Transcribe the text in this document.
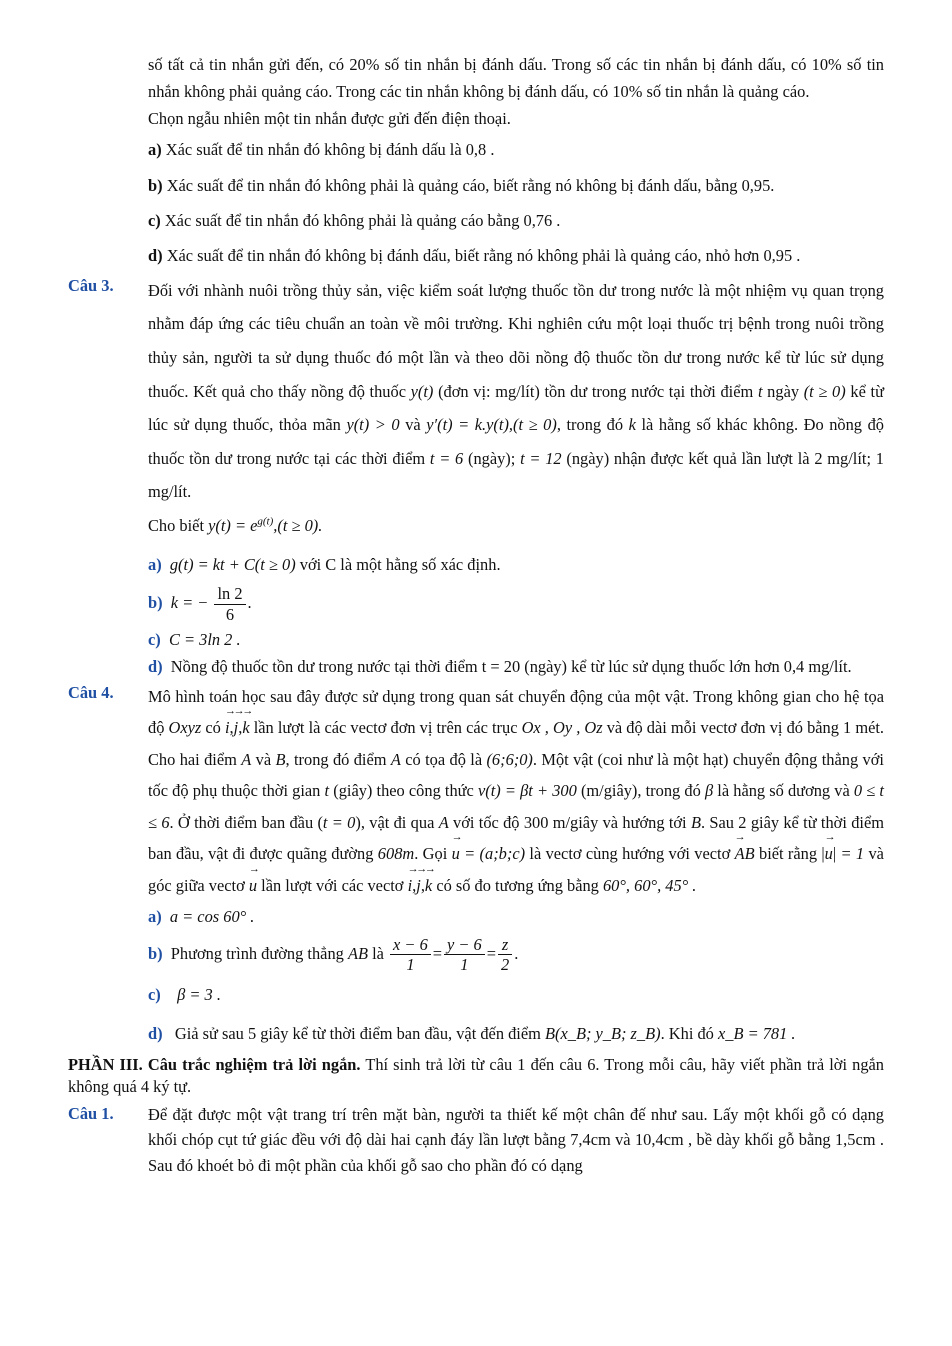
số tất cả tin nhắn gửi đến, có 20% số tin nhắn bị đánh dấu. Trong số các tin nhắn bị đánh dấu, có 10% số tin nhắn không phải quảng cáo. Trong các tin nhắn không bị đánh dấu, có 10% số tin nhắn là quảng cáo.

Chọn ngẫu nhiên một tin nhắn được gửi đến điện thoại.

a) Xác suất để tin nhắn đó không bị đánh dấu là 0,8 .
b) Xác suất để tin nhắn đó không phải là quảng cáo, biết rằng nó không bị đánh dấu, bằng 0,95.
c) Xác suất để tin nhắn đó không phải là quảng cáo bằng 0,76 .
d) Xác suất để tin nhắn đó không bị đánh dấu, biết rằng nó không phải là quảng cáo, nhỏ hơn 0,95 .
Câu 3. Đối với nhành nuôi trồng thủy sản, việc kiểm soát lượng thuốc tồn dư trong nước là một nhiệm vụ quan trọng nhằm đáp ứng các tiêu chuẩn an toàn về môi trường. Khi nghiên cứu một loại thuốc trị bệnh trong nuôi trồng thủy sản, người ta sử dụng thuốc đó một lần và theo dõi nồng độ thuốc tồn dư trong nước kể từ lúc sử dụng thuốc. Kết quả cho thấy nồng độ thuốc y(t) (đơn vị: mg/lít) tồn dư trong nước tại thời điểm t ngày (t ≥ 0) kể từ lúc sử dụng thuốc, thỏa mãn y(t) > 0 và y′(t) = k.y(t),(t ≥ 0), trong đó k là hằng số khác không. Đo nồng độ thuốc tồn dư trong nước tại các thời điểm t = 6 (ngày); t = 12 (ngày) nhận được kết quả lần lượt là 2 mg/lít; 1 mg/lít.
Cho biết $y(t) = e^{g(t)},(t \ge 0)$.
a) g(t) = kt + C(t ≥ 0) với C là một hằng số xác định.
b) k = − $\frac{\ln 2}{6}$ .
c) C = 3ln 2 .
d) Nồng độ thuốc tồn dư trong nước tại thời điểm t = 20 (ngày) kể từ lúc sử dụng thuốc lớn hơn 0,4 mg/lít.
Câu 4. Mô hình toán học sau đây được sử dụng trong quan sát chuyển động của một vật. Trong không gian cho hệ tọa độ Oxyz có → i,→ j,→ k lần lượt là các vectơ đơn vị trên các trục Ox , Oy , Oz và độ dài mỗi vectơ đơn vị đó bằng 1 mét. Cho hai điểm A và B, trong đó điểm A có tọa độ là (6;6;0). Một vật (coi như là một hạt) chuyển động thẳng với tốc độ phụ thuộc thời gian t (giây) theo công thức v(t) = βt + 300 (m/giây), trong đó β là hằng số dương và 0 ≤ t ≤ 6. Ở thời điểm ban đầu (t = 0), vật đi qua A với tốc độ 300 m/giây và hướng tới B. Sau 2 giây kể từ thời điểm ban đầu, vật đi được quãng đường 608m. Gọi → u = (a;b;c) là vectơ cùng hướng với vectơ → AB biết rằng |→ u| = 1 và góc giữa vectơ → u lần lượt với các vectơ → i,→ j,→ k có số đo tương ứng bằng 60°, 60°, 45° .
a) a = cos 60° .
b) Phương trình đường thẳng AB là $\frac{x - 6}{1} = \frac{y - 6}{1} = \frac{z}{2}$ .
c) β = 3 .
d) Giả sử sau 5 giây kể từ thời điểm ban đầu, vật đến điểm B(x_B; y_B; z_B). Khi đó x_B = 781 .
PHẦN III. Câu trắc nghiệm trả lời ngắn. Thí sinh trả lời từ câu 1 đến câu 6. Trong mỗi câu, hãy viết phần trả lời ngắn không quá 4 ký tự.
Câu 1. Để đặt được một vật trang trí trên mặt bàn, người ta thiết kế một chân đế như sau. Lấy một khối gỗ có dạng khối chóp cụt tứ giác đều với độ dài hai cạnh đáy lần lượt bằng 7,4cm và 10,4cm , bề dày khối gỗ bằng 1,5cm . Sau đó khoét bỏ đi một phần của khối gỗ sao cho phần đó có dạng
